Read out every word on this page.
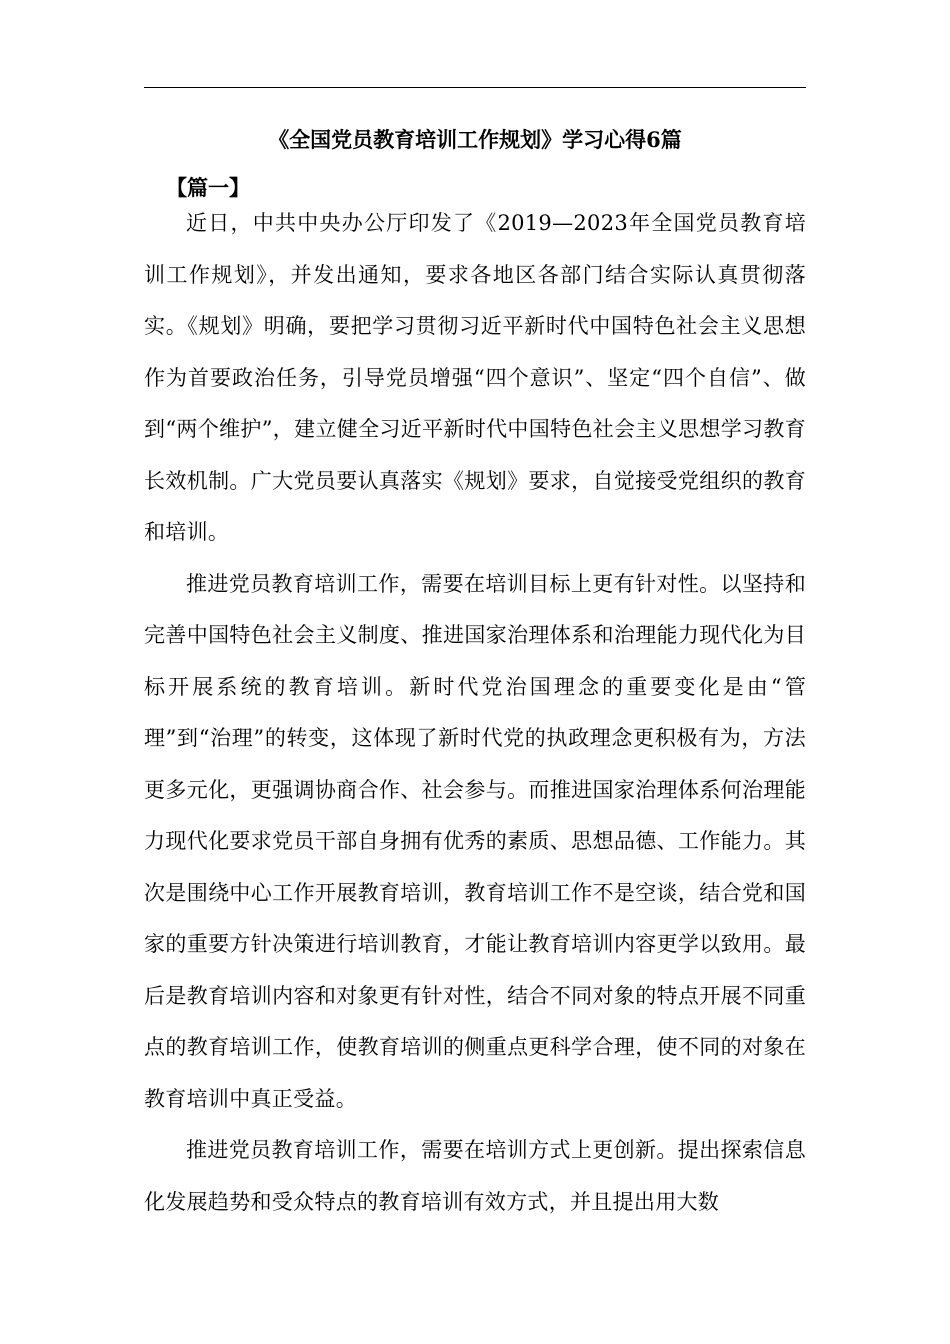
《全国党员教育培训工作规划》学习心得6篇
【篇一】

近日，中共中央办公厅印发了《2019—2023年全国党员教育培训工作规划》，并发出通知，要求各地区各部门结合实际认真贯彻落实。《规划》明确，要把学习贯彻习近平新时代中国特色社会主义思想作为首要政治任务，引导党员增强“四个意识”、坚定“四个自信”、做到“两个维护”，建立健全习近平新时代中国特色社会主义思想学习教育长效机制。广大党员要认真落实《规划》要求，自觉接受党组织的教育和培训。

推进党员教育培训工作，需要在培训目标上更有针对性。以坚持和完善中国特色社会主义制度、推进国家治理体系和治理能力现代化为目标开展系统的教育培训。新时代党治国理念的重要变化是由“管理”到“治理”的转变，这体现了新时代党的执政理念更积极有为，方法更多元化，更强调协商合作、社会参与。而推进国家治理体系何治理能力现代化要求党员干部自身拥有优秀的素质、思想品德、工作能力。其次是围绕中心工作开展教育培训，教育培训工作不是空谈，结合党和国家的重要方针决策进行培训教育，才能让教育培训内容更学以致用。最后是教育培训内容和对象更有针对性，结合不同对象的特点开展不同重点的教育培训工作，使教育培训的侧重点更科学合理，使不同的对象在教育培训中真正受益。

推进党员教育培训工作，需要在培训方式上更创新。提出探索信息化发展趋势和受众特点的教育培训有效方式，并且提出用大数
